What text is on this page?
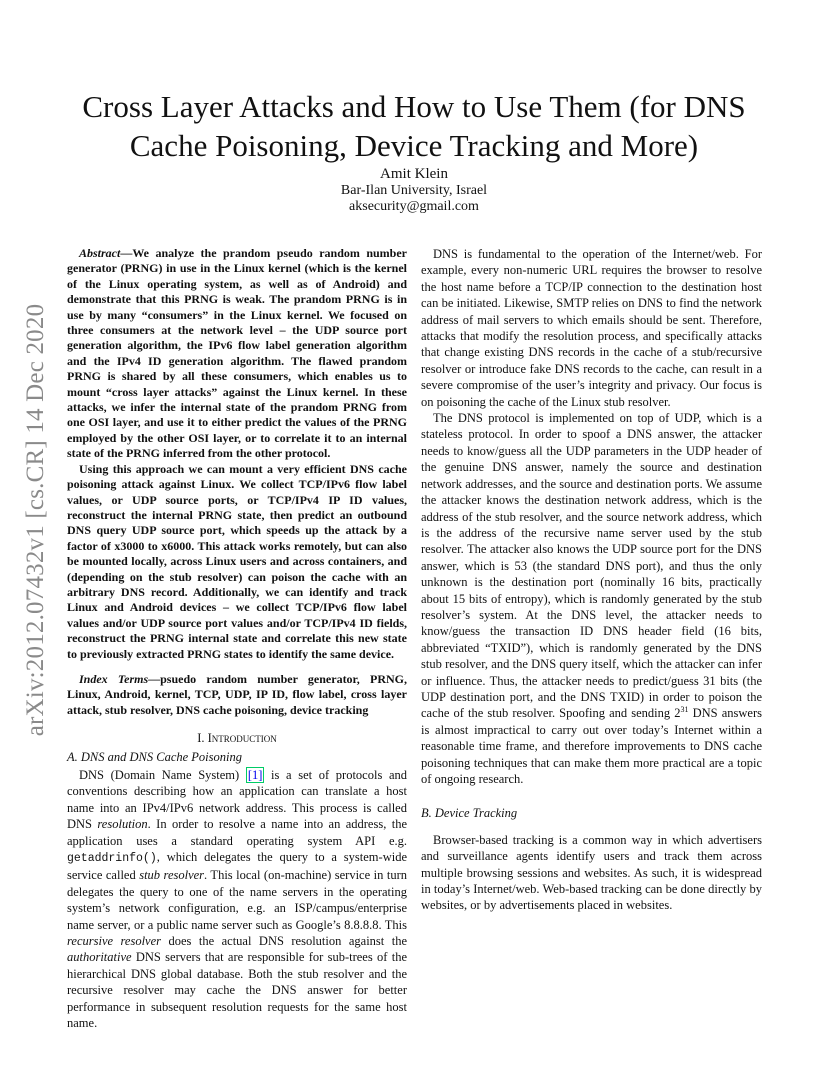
Cross Layer Attacks and How to Use Them (for DNS Cache Poisoning, Device Tracking and More)
Amit Klein
Bar-Ilan University, Israel
aksecurity@gmail.com
arXiv:2012.07432v1 [cs.CR] 14 Dec 2020

Abstract—We analyze the prandom pseudo random number generator (PRNG) in use in the Linux kernel (which is the kernel of the Linux operating system, as well as of Android) and demonstrate that this PRNG is weak. The prandom PRNG is in use by many “consumers” in the Linux kernel. We focused on three consumers at the network level – the UDP source port generation algorithm, the IPv6 flow label generation algorithm and the IPv4 ID generation algorithm. The flawed prandom PRNG is shared by all these consumers, which enables us to mount “cross layer attacks” against the Linux kernel. In these attacks, we infer the internal state of the prandom PRNG from one OSI layer, and use it to either predict the values of the PRNG employed by the other OSI layer, or to correlate it to an internal state of the PRNG inferred from the other protocol.

Using this approach we can mount a very efficient DNS cache poisoning attack against Linux. We collect TCP/IPv6 flow label values, or UDP source ports, or TCP/IPv4 IP ID values, reconstruct the internal PRNG state, then predict an outbound DNS query UDP source port, which speeds up the attack by a factor of x3000 to x6000. This attack works remotely, but can also be mounted locally, across Linux users and across containers, and (depending on the stub resolver) can poison the cache with an arbitrary DNS record. Additionally, we can identify and track Linux and Android devices – we collect TCP/IPv6 flow label values and/or UDP source port values and/or TCP/IPv4 ID fields, reconstruct the PRNG internal state and correlate this new state to previously extracted PRNG states to identify the same device.

Index Terms—psuedo random number generator, PRNG, Linux, Android, kernel, TCP, UDP, IP ID, flow label, cross layer attack, stub resolver, DNS cache poisoning, device tracking

I. Introduction
A. DNS and DNS Cache Poisoning

DNS (Domain Name System) [1] is a set of protocols and conventions describing how an application can translate a host name into an IPv4/IPv6 network address. This process is called DNS resolution. In order to resolve a name into an address, the application uses a standard operating system API e.g. getaddrinfo(), which delegates the query to a system-wide service called stub resolver. This local (on-machine) service in turn delegates the query to one of the name servers in the operating system’s network configuration, e.g. an ISP/campus/enterprise name server, or a public name server such as Google’s 8.8.8.8. This recursive resolver does the actual DNS resolution against the authoritative DNS servers that are responsible for sub-trees of the hierarchical DNS global database. Both the stub resolver and the recursive resolver may cache the DNS answer for better performance in subsequent resolution requests for the same host name.

DNS is fundamental to the operation of the Internet/web. For example, every non-numeric URL requires the browser to resolve the host name before a TCP/IP connection to the destination host can be initiated. Likewise, SMTP relies on DNS to find the network address of mail servers to which emails should be sent. Therefore, attacks that modify the resolution process, and specifically attacks that change existing DNS records in the cache of a stub/recursive resolver or introduce fake DNS records to the cache, can result in a severe compromise of the user’s integrity and privacy. Our focus is on poisoning the cache of the Linux stub resolver.

The DNS protocol is implemented on top of UDP, which is a stateless protocol. In order to spoof a DNS answer, the attacker needs to know/guess all the UDP parameters in the UDP header of the genuine DNS answer, namely the source and destination network addresses, and the source and destination ports. We assume the attacker knows the destination network address, which is the address of the stub resolver, and the source network address, which is the address of the recursive name server used by the stub resolver. The attacker also knows the UDP source port for the DNS answer, which is 53 (the standard DNS port), and thus the only unknown is the destination port (nominally 16 bits, practically about 15 bits of entropy), which is randomly generated by the stub resolver’s system. At the DNS level, the attacker needs to know/guess the transaction ID DNS header field (16 bits, abbreviated “TXID”), which is randomly generated by the DNS stub resolver, and the DNS query itself, which the attacker can infer or influence. Thus, the attacker needs to predict/guess 31 bits (the UDP destination port, and the DNS TXID) in order to poison the cache of the stub resolver. Spoofing and sending $2^{31}$ DNS answers is almost impractical to carry out over today’s Internet within a reasonable time frame, and therefore improvements to DNS cache poisoning techniques that can make them more practical are a topic of ongoing research.

B. Device Tracking

Browser-based tracking is a common way in which advertisers and surveillance agents identify users and track them across multiple browsing sessions and websites. As such, it is widespread in today’s Internet/web. Web-based tracking can be done directly by websites, or by advertisements placed in websites.
